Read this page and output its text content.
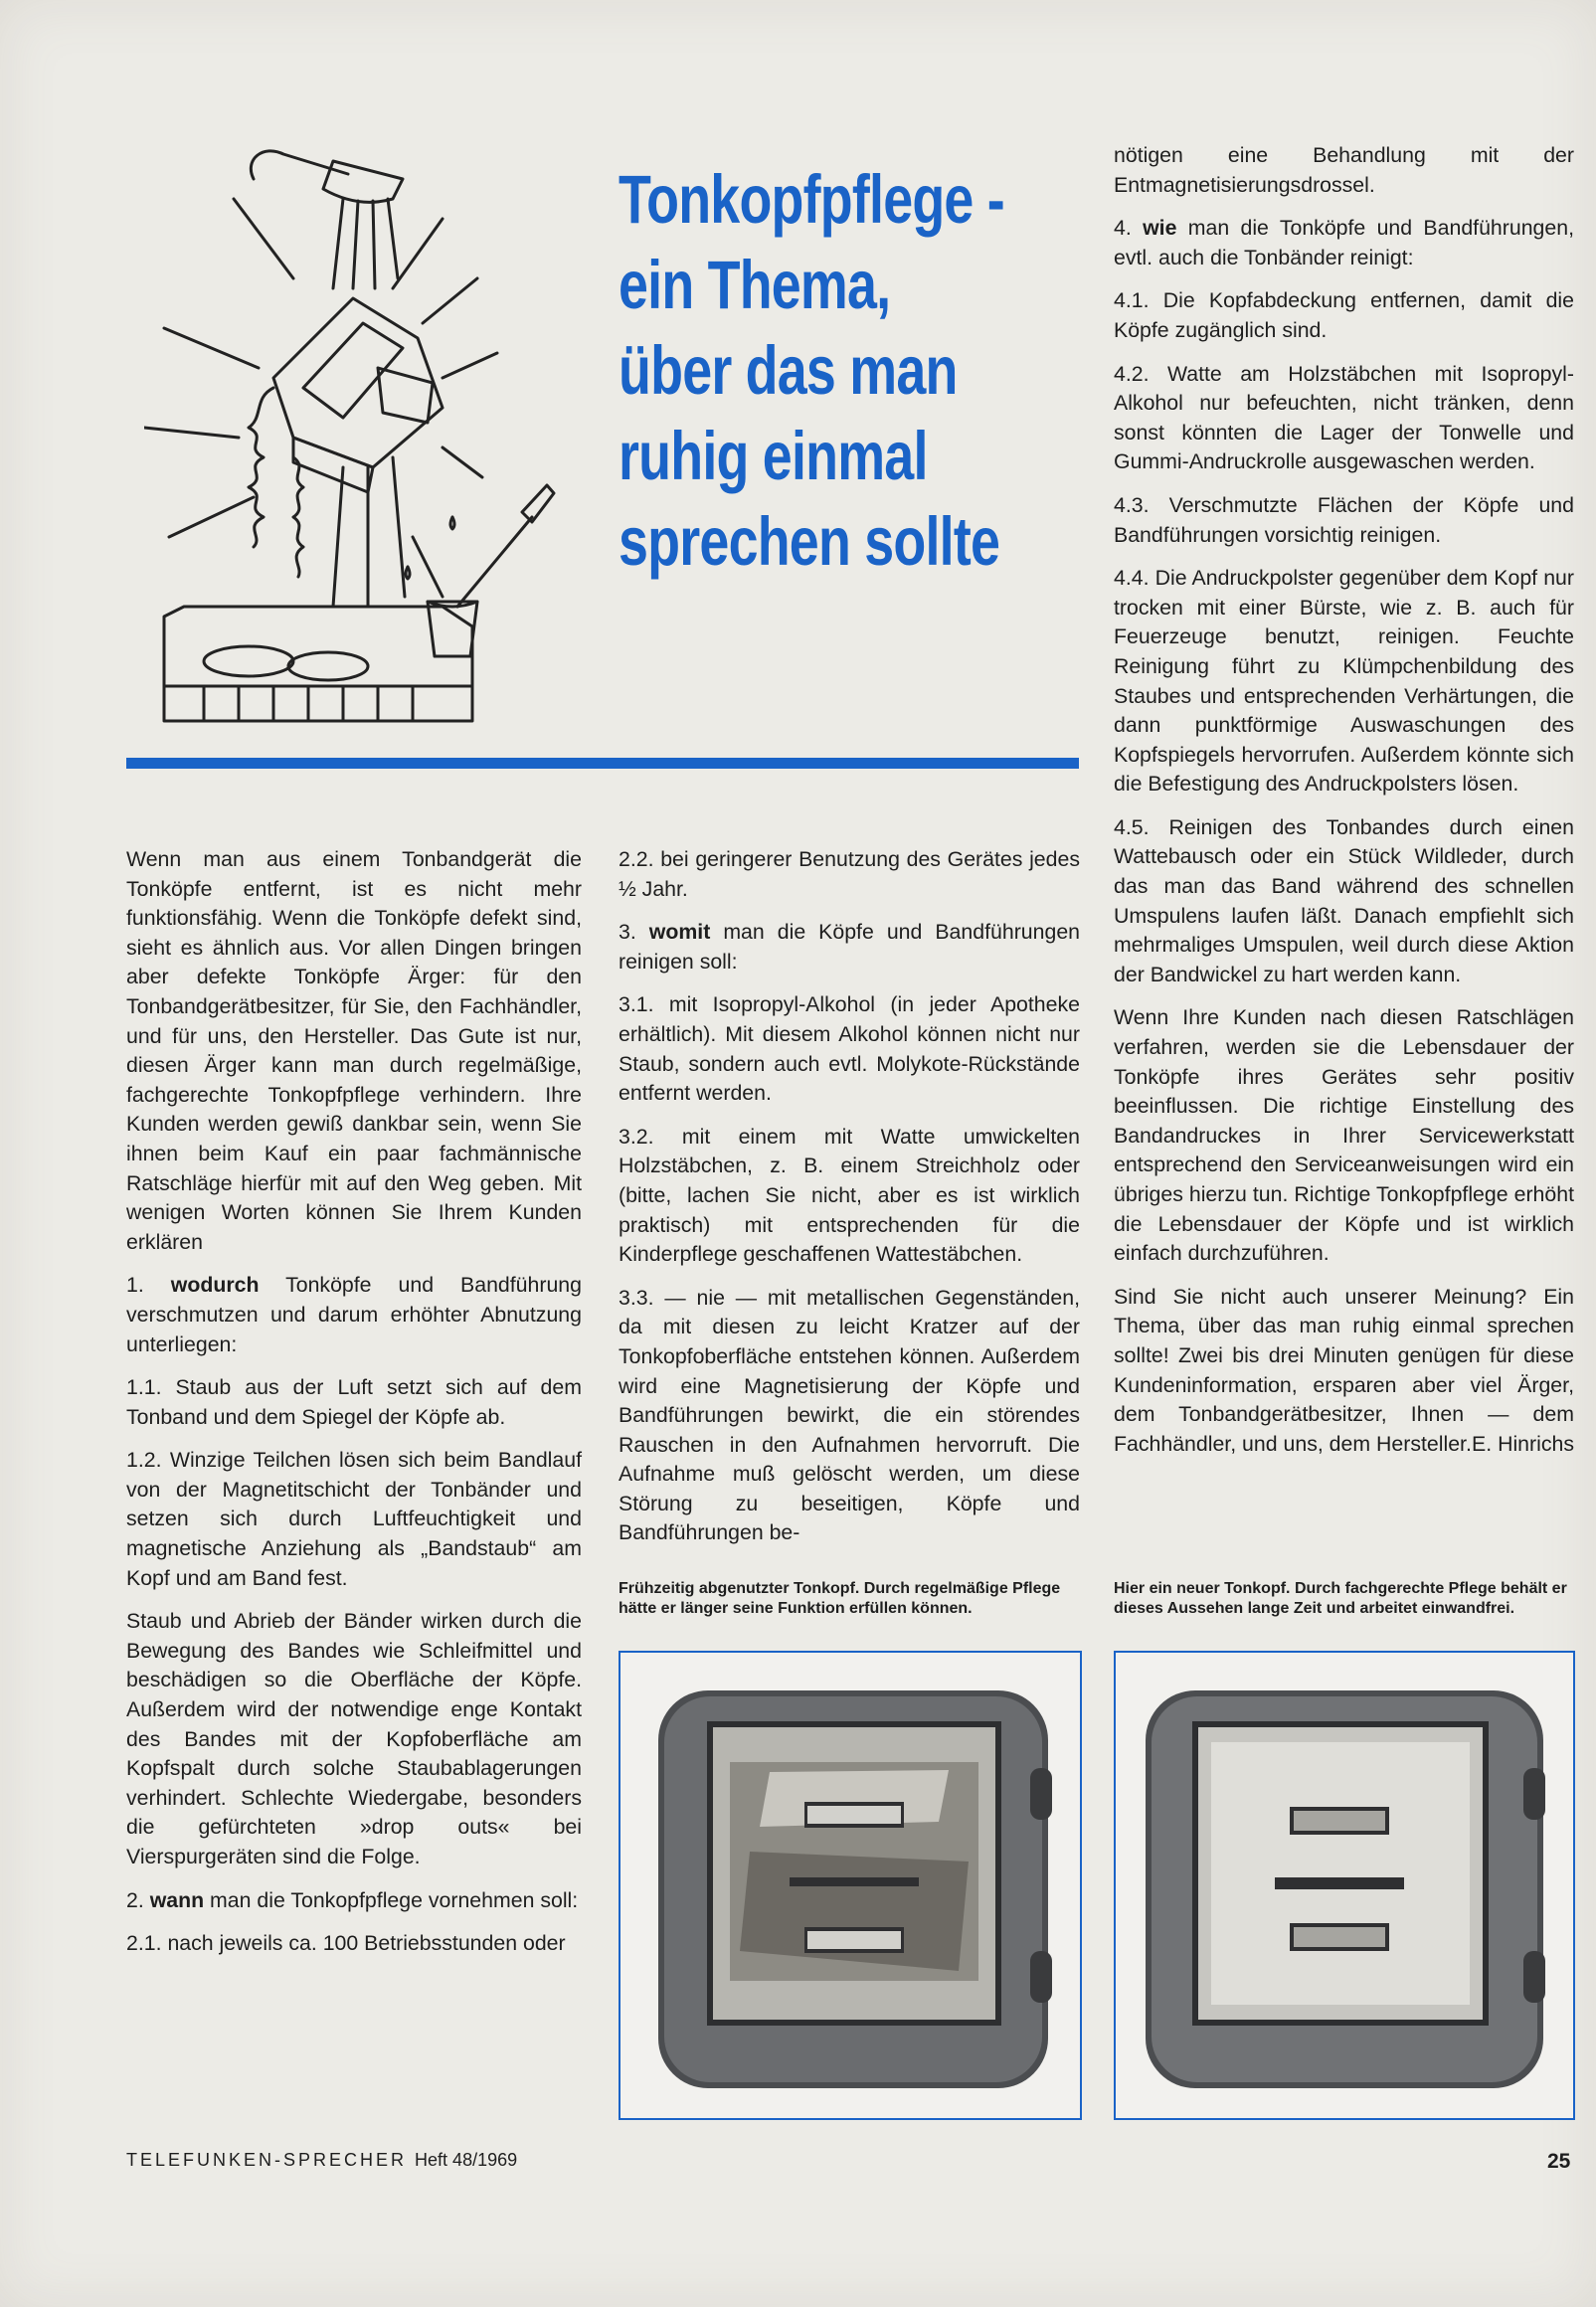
Tonkopfpflege -
ein Thema,
über das man
ruhig einmal
sprechen sollte

Wenn man aus einem Tonbandgerät die Tonköpfe entfernt, ist es nicht mehr funktionsfähig. Wenn die Tonköpfe defekt sind, sieht es ähnlich aus. Vor allen Dingen bringen aber defekte Tonköpfe Ärger: für den Tonbandgerätbesitzer, für Sie, den Fachhändler, und für uns, den Hersteller. Das Gute ist nur, diesen Ärger kann man durch regelmäßige, fachgerechte Tonkopfpflege verhindern. Ihre Kunden werden gewiß dankbar sein, wenn Sie ihnen beim Kauf ein paar fachmännische Ratschläge hierfür mit auf den Weg geben. Mit wenigen Worten können Sie Ihrem Kunden erklären

1. wodurch Tonköpfe und Bandführung verschmutzen und darum erhöhter Abnutzung unterliegen:

1.1. Staub aus der Luft setzt sich auf dem Tonband und dem Spiegel der Köpfe ab.

1.2. Winzige Teilchen lösen sich beim Bandlauf von der Magnetitschicht der Tonbänder und setzen sich durch Luftfeuchtigkeit und magnetische Anziehung als „Bandstaub“ am Kopf und am Band fest.

Staub und Abrieb der Bänder wirken durch die Bewegung des Bandes wie Schleifmittel und beschädigen so die Oberfläche der Köpfe. Außerdem wird der notwendige enge Kontakt des Bandes mit der Kopfoberfläche am Kopfspalt durch solche Staubablagerungen verhindert. Schlechte Wiedergabe, besonders die gefürchteten »drop outs« bei Vierspurgeräten sind die Folge.

2. wann man die Tonkopfpflege vornehmen soll:

2.1. nach jeweils ca. 100 Betriebsstunden oder

2.2. bei geringerer Benutzung des Gerätes jedes ½ Jahr.

3. womit man die Köpfe und Bandführungen reinigen soll:

3.1. mit Isopropyl-Alkohol (in jeder Apotheke erhältlich). Mit diesem Alkohol können nicht nur Staub, sondern auch evtl. Molykote-Rückstände entfernt werden.

3.2. mit einem mit Watte umwickelten Holzstäbchen, z. B. einem Streichholz oder (bitte, lachen Sie nicht, aber es ist wirklich praktisch) mit entsprechenden für die Kinderpflege geschaffenen Wattestäbchen.

3.3. — nie — mit metallischen Gegenständen, da mit diesen zu leicht Kratzer auf der Tonkopfoberfläche entstehen können. Außerdem wird eine Magnetisierung der Köpfe und Bandführungen bewirkt, die ein störendes Rauschen in den Aufnahmen hervorruft. Die Aufnahme muß gelöscht werden, um diese Störung zu beseitigen, Köpfe und Bandführungen be-

nötigen eine Behandlung mit der Entmagnetisierungsdrossel.

4. wie man die Tonköpfe und Bandführungen, evtl. auch die Tonbänder reinigt:

4.1. Die Kopfabdeckung entfernen, damit die Köpfe zugänglich sind.

4.2. Watte am Holzstäbchen mit Isopropyl-Alkohol nur befeuchten, nicht tränken, denn sonst könnten die Lager der Tonwelle und Gummi-Andruckrolle ausgewaschen werden.

4.3. Verschmutzte Flächen der Köpfe und Bandführungen vorsichtig reinigen.

4.4. Die Andruckpolster gegenüber dem Kopf nur trocken mit einer Bürste, wie z. B. auch für Feuerzeuge benutzt, reinigen. Feuchte Reinigung führt zu Klümpchenbildung des Staubes und entsprechenden Verhärtungen, die dann punktförmige Auswaschungen des Kopfspiegels hervorrufen. Außerdem könnte sich die Befestigung des Andruckpolsters lösen.

4.5. Reinigen des Tonbandes durch einen Wattebausch oder ein Stück Wildleder, durch das man das Band während des schnellen Umspulens laufen läßt. Danach empfiehlt sich mehrmaliges Umspulen, weil durch diese Aktion der Bandwickel zu hart werden kann.

Wenn Ihre Kunden nach diesen Ratschlägen verfahren, werden sie die Lebensdauer der Tonköpfe ihres Gerätes sehr positiv beeinflussen. Die richtige Einstellung des Bandandruckes in Ihrer Servicewerkstatt entsprechend den Serviceanweisungen wird ein übriges hierzu tun. Richtige Tonkopfpflege erhöht die Lebensdauer der Köpfe und ist wirklich einfach durchzuführen.

Sind Sie nicht auch unserer Meinung? Ein Thema, über das man ruhig einmal sprechen sollte! Zwei bis drei Minuten genügen für diese Kundeninformation, ersparen aber viel Ärger, dem Tonbandgerätbesitzer, Ihnen — dem Fachhändler, und uns, dem Hersteller. E. Hinrichs

Frühzeitig abgenutzter Tonkopf. Durch regelmäßige Pflege hätte er länger seine Funktion erfüllen können.
Hier ein neuer Tonkopf. Durch fachgerechte Pflege behält er dieses Aussehen lange Zeit und arbeitet einwandfrei.
TELEFUNKEN-SPRECHER Heft 48/1969	25
